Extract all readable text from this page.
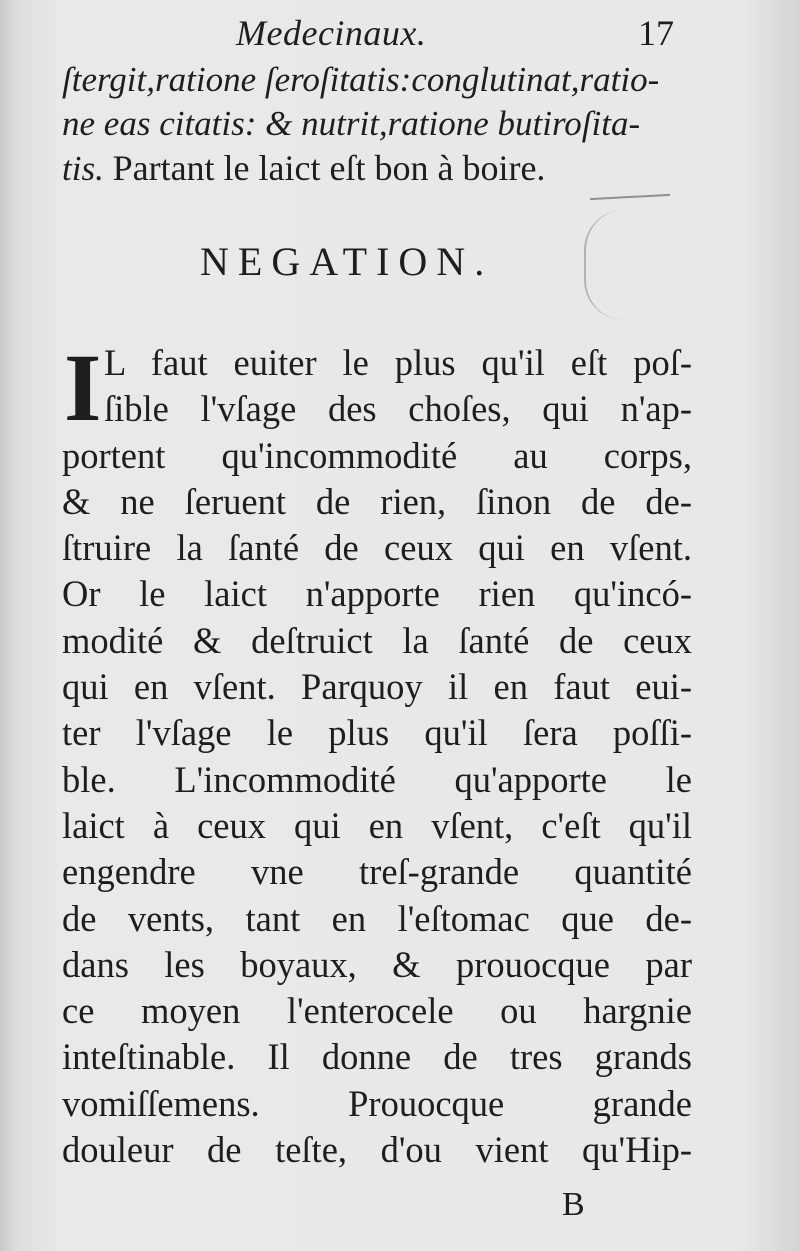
Medecinaux.	17
ſtergit,ratione ſeroſitatis:conglutinat,ratio-
ne eas citatis: & nutrit,ratione butiroſita-
tis. Partant le laict eſt bon à boire.
NEGATION.
I L faut euiter le plus qu'il eſt poſ-
ſible l'vſage des choſes, qui n'ap-
portent qu'incommodité au corps,
& ne ſeruent de rien, ſinon de de-
ſtruire la ſanté de ceux qui en vſent.
Or le laict n'apporte rien qu'incó-
modité & deſtruict la ſanté de ceux
qui en vſent. Parquoy il en faut eui-
ter l'vſage le plus qu'il ſera poſſi-
ble. L'incommodité qu'apporte le
laict à ceux qui en vſent, c'eſt qu'il
engendre vne treſ-grande quantité
de vents, tant en l'eſtomac que de-
dans les boyaux, & prouocque par
ce moyen l'enterocele ou hargnie
inteſtinable. Il donne de tres grands
vomiſſemens. Prouocque grande
douleur de teſte, d'ou vient qu'Hip-
B
